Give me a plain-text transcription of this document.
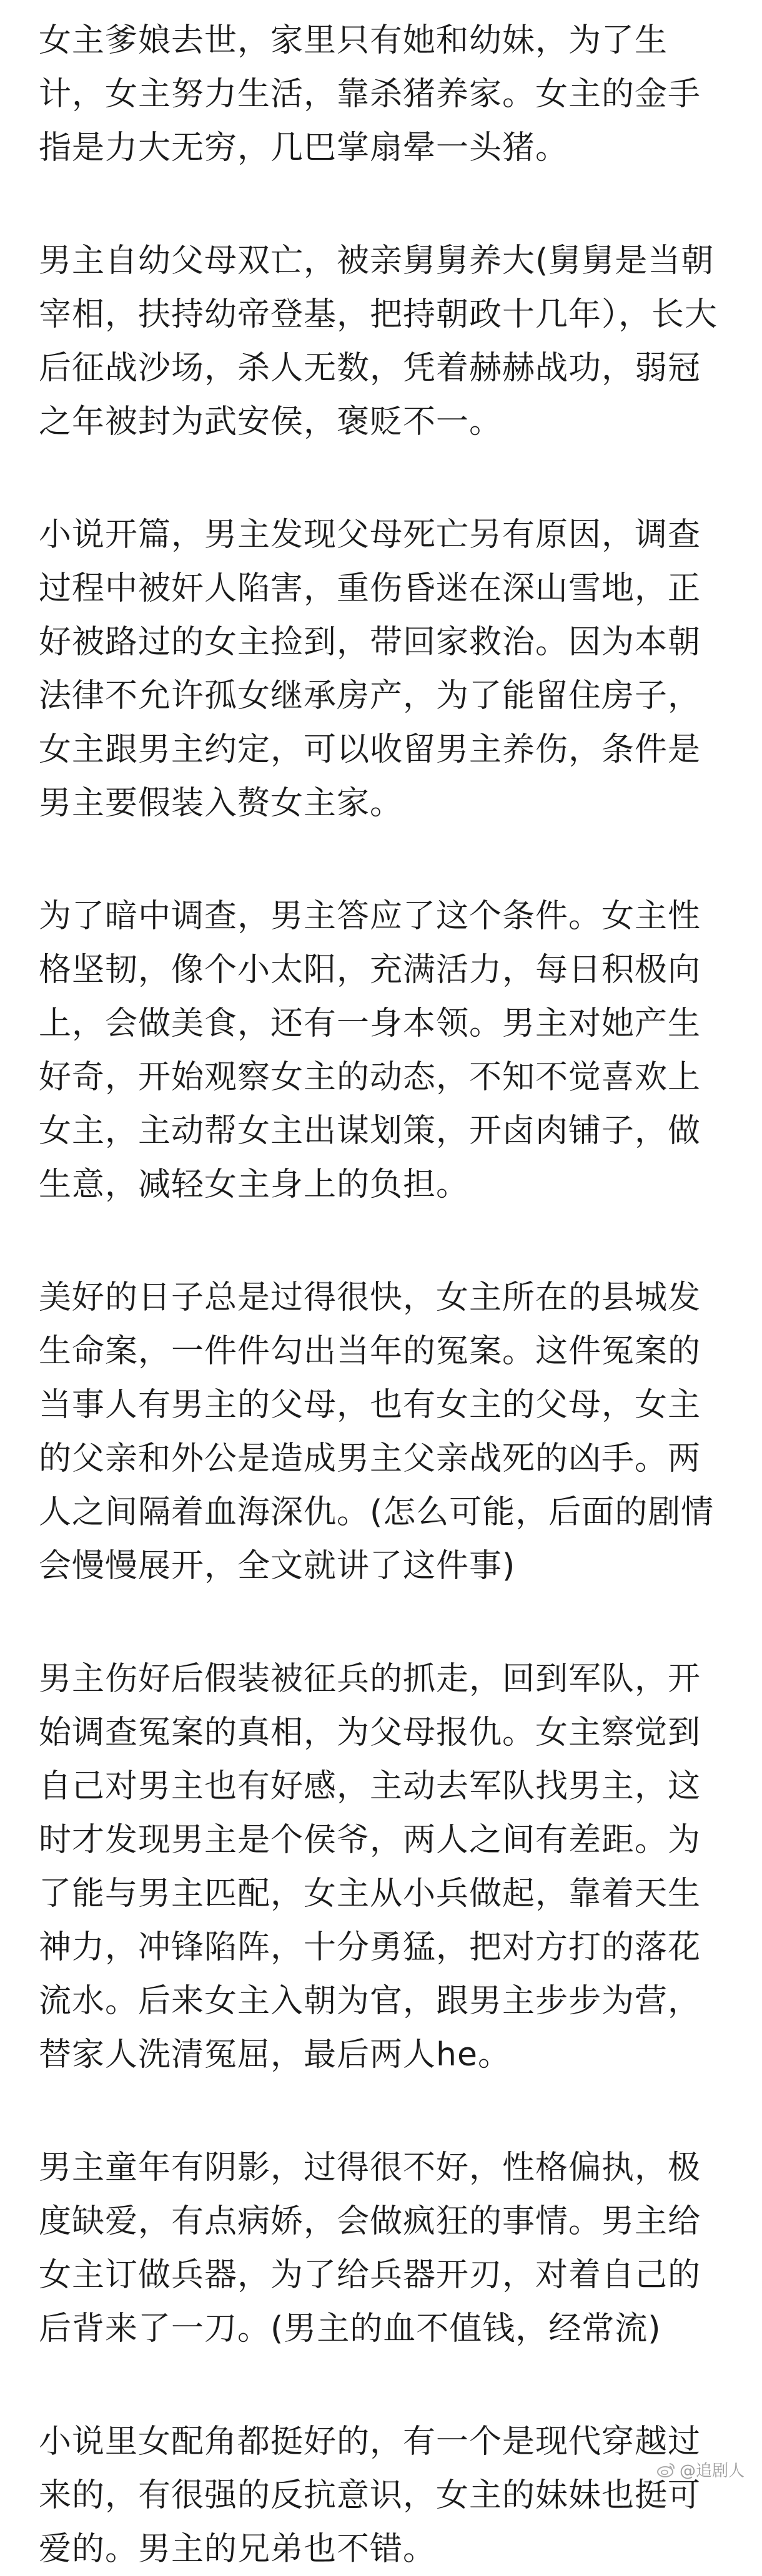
女主爹娘去世，家里只有她和幼妹，为了生计，女主努力生活，靠杀猪养家。女主的金手指是力大无穷，几巴掌扇晕一头猪。

男主自幼父母双亡，被亲舅舅养大(舅舅是当朝宰相，扶持幼帝登基，把持朝政十几年），长大后征战沙场，杀人无数，凭着赫赫战功，弱冠之年被封为武安侯，褒贬不一。

小说开篇，男主发现父母死亡另有原因，调查过程中被奸人陷害，重伤昏迷在深山雪地，正好被路过的女主捡到，带回家救治。因为本朝法律不允许孤女继承房产，为了能留住房子，女主跟男主约定，可以收留男主养伤，条件是男主要假装入赘女主家。

为了暗中调查，男主答应了这个条件。女主性格坚韧，像个小太阳，充满活力，每日积极向上，会做美食，还有一身本领。男主对她产生好奇，开始观察女主的动态，不知不觉喜欢上女主，主动帮女主出谋划策，开卤肉铺子，做生意，减轻女主身上的负担。

美好的日子总是过得很快，女主所在的县城发生命案，一件件勾出当年的冤案。这件冤案的当事人有男主的父母，也有女主的父母，女主的父亲和外公是造成男主父亲战死的凶手。两人之间隔着血海深仇。(怎么可能，后面的剧情会慢慢展开，全文就讲了这件事)

男主伤好后假装被征兵的抓走，回到军队，开始调查冤案的真相，为父母报仇。女主察觉到自己对男主也有好感，主动去军队找男主，这时才发现男主是个侯爷，两人之间有差距。为了能与男主匹配，女主从小兵做起，靠着天生神力，冲锋陷阵，十分勇猛，把对方打的落花流水。后来女主入朝为官，跟男主步步为营，替家人洗清冤屈，最后两人he。

男主童年有阴影，过得很不好，性格偏执，极度缺爱，有点病娇，会做疯狂的事情。男主给女主订做兵器，为了给兵器开刃，对着自己的后背来了一刀。(男主的血不值钱，经常流)

小说里女配角都挺好的，有一个是现代穿越过来的，有很强的反抗意识，女主的妹妹也挺可爱的。男主的兄弟也不错。

@追剧人
